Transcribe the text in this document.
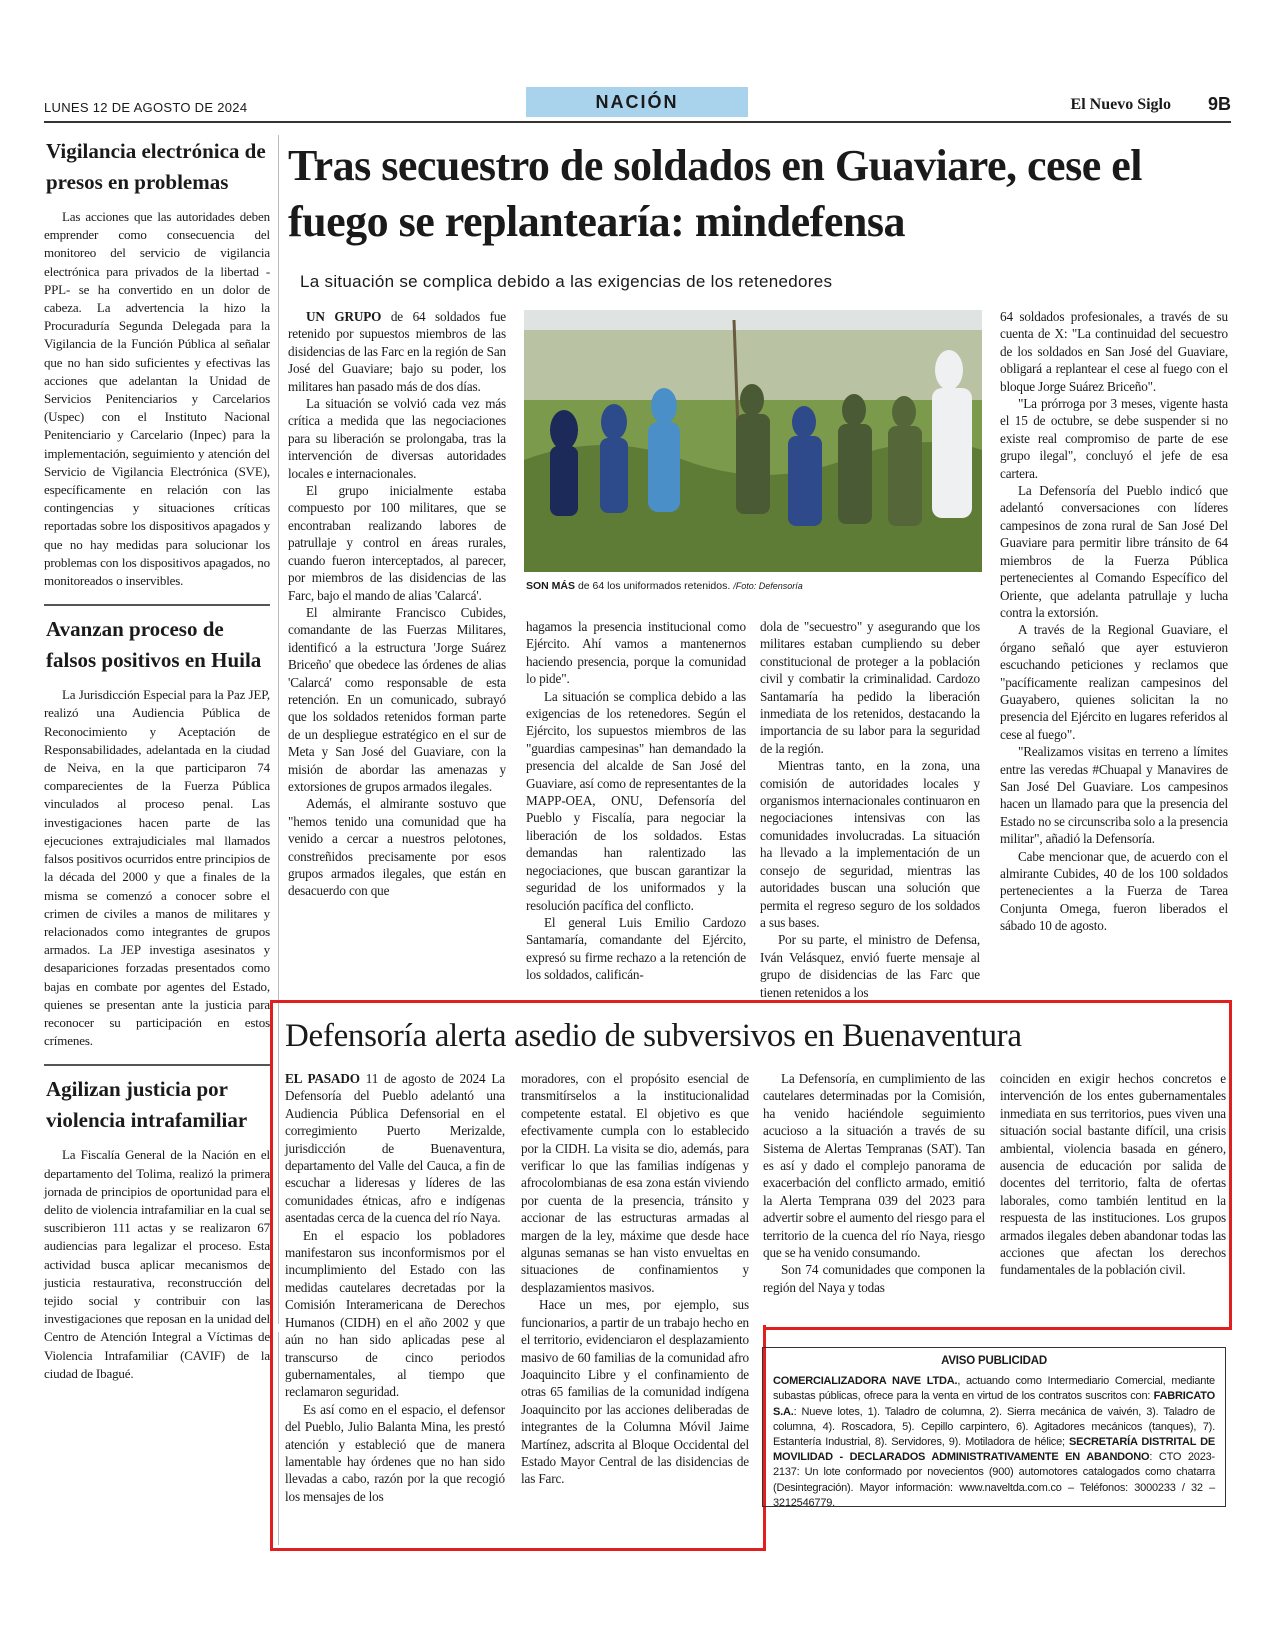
LUNES 12 DE AGOSTO DE 2024	NACIÓN	El Nuevo Siglo 9B
Vigilancia electrónica de presos en problemas

Las acciones que las autoridades deben emprender como consecuencia del monitoreo del servicio de vigilancia electrónica para privados de la libertad -PPL- se ha convertido en un dolor de cabeza. La advertencia la hizo la Procuraduría Segunda Delegada para la Vigilancia de la Función Pública al señalar que no han sido suficientes y efectivas las acciones que adelantan la Unidad de Servicios Penitenciarios y Carcelarios (Uspec) con el Instituto Nacional Penitenciario y Carcelario (Inpec) para la implementación, seguimiento y atención del Servicio de Vigilancia Electrónica (SVE), específicamente en relación con las contingencias y situaciones críticas reportadas sobre los dispositivos apagados y que no hay medidas para solucionar los problemas con los dispositivos apagados, no monitoreados o inservibles.

Avanzan proceso de falsos positivos en Huila

La Jurisdicción Especial para la Paz JEP, realizó una Audiencia Pública de Reconocimiento y Aceptación de Responsabilidades, adelantada en la ciudad de Neiva, en la que participaron 74 comparecientes de la Fuerza Pública vinculados al proceso penal. Las investigaciones hacen parte de las ejecuciones extrajudiciales mal llamados falsos positivos ocurridos entre principios de la década del 2000 y que a finales de la misma se comenzó a conocer sobre el crimen de civiles a manos de militares y relacionados como integrantes de grupos armados. La JEP investiga asesinatos y desapariciones forzadas presentados como bajas en combate por agentes del Estado, quienes se presentan ante la justicia para reconocer su participación en estos crímenes.

Agilizan justicia por violencia intrafamiliar

La Fiscalía General de la Nación en el departamento del Tolima, realizó la primera jornada de principios de oportunidad para el delito de violencia intrafamiliar en la cual se suscribieron 111 actas y se realizaron 67 audiencias para legalizar el proceso. Esta actividad busca aplicar mecanismos de justicia restaurativa, reconstrucción del tejido social y contribuir con las investigaciones que reposan en la unidad del Centro de Atención Integral a Víctimas de Violencia Intrafamiliar (CAVIF) de la ciudad de Ibagué.

Tras secuestro de soldados en Guaviare, cese el fuego se replantearía: mindefensa
La situación se complica debido a las exigencias de los retenedores

UN GRUPO de 64 soldados fue retenido por supuestos miembros de las disidencias de las Farc en la región de San José del Guaviare; bajo su poder, los militares han pasado más de dos días.

La situación se volvió cada vez más crítica a medida que las negociaciones para su liberación se prolongaba, tras la intervención de diversas autoridades locales e internacionales.

El grupo inicialmente estaba compuesto por 100 militares, que se encontraban realizando labores de patrullaje y control en áreas rurales, cuando fueron interceptados, al parecer, por miembros de las disidencias de las Farc, bajo el mando de alias 'Calarcá'.

El almirante Francisco Cubides, comandante de las Fuerzas Militares, identificó a la estructura 'Jorge Suárez Briceño' que obedece las órdenes de alias 'Calarcá' como responsable de esta retención. En un comunicado, subrayó que los soldados retenidos forman parte de un despliegue estratégico en el sur de Meta y San José del Guaviare, con la misión de abordar las amenazas y extorsiones de grupos armados ilegales.

Además, el almirante sostuvo que "hemos tenido una comunidad que ha venido a cercar a nuestros pelotones, constreñidos precisamente por esos grupos armados ilegales, que están en desacuerdo con que

SON MÁS de 64 los uniformados retenidos. /Foto: Defensoría

hagamos la presencia institucional como Ejército. Ahí vamos a mantenernos haciendo presencia, porque la comunidad lo pide".

La situación se complica debido a las exigencias de los retenedores. Según el Ejército, los supuestos miembros de las "guardias campesinas" han demandado la presencia del alcalde de San José del Guaviare, así como de representantes de la MAPP-OEA, ONU, Defensoría del Pueblo y Fiscalía, para negociar la liberación de los soldados. Estas demandas han ralentizado las negociaciones, que buscan garantizar la seguridad de los uniformados y la resolución pacífica del conflicto.

El general Luis Emilio Cardozo Santamaría, comandante del Ejército, expresó su firme rechazo a la retención de los soldados, calificán-

dola de "secuestro" y asegurando que los militares estaban cumpliendo su deber constitucional de proteger a la población civil y combatir la criminalidad. Cardozo Santamaría ha pedido la liberación inmediata de los retenidos, destacando la importancia de su labor para la seguridad de la región.

Mientras tanto, en la zona, una comisión de autoridades locales y organismos internacionales continuaron en negociaciones intensivas con las comunidades involucradas. La situación ha llevado a la implementación de un consejo de seguridad, mientras las autoridades buscan una solución que permita el regreso seguro de los soldados a sus bases.

Por su parte, el ministro de Defensa, Iván Velásquez, envió fuerte mensaje al grupo de disidencias de las Farc que tienen retenidos a los

64 soldados profesionales, a través de su cuenta de X: "La continuidad del secuestro de los soldados en San José del Guaviare, obligará a replantear el cese al fuego con el bloque Jorge Suárez Briceño".

"La prórroga por 3 meses, vigente hasta el 15 de octubre, se debe suspender si no existe real compromiso de parte de ese grupo ilegal", concluyó el jefe de esa cartera.

La Defensoría del Pueblo indicó que adelantó conversaciones con líderes campesinos de zona rural de San José Del Guaviare para permitir libre tránsito de 64 miembros de la Fuerza Pública pertenecientes al Comando Específico del Oriente, que adelanta patrullaje y lucha contra la extorsión.

A través de la Regional Guaviare, el órgano señaló que ayer estuvieron escuchando peticiones y reclamos que "pacíficamente realizan campesinos del Guayabero, quienes solicitan la no presencia del Ejército en lugares referidos al cese al fuego".

"Realizamos visitas en terreno a límites entre las veredas #Chuapal y Manavires de San José Del Guaviare. Los campesinos hacen un llamado para que la presencia del Estado no se circunscriba solo a la presencia militar", añadió la Defensoría.

Cabe mencionar que, de acuerdo con el almirante Cubides, 40 de los 100 soldados pertenecientes a la Fuerza de Tarea Conjunta Omega, fueron liberados el sábado 10 de agosto.

Defensoría alerta asedio de subversivos en Buenaventura

EL PASADO 11 de agosto de 2024 La Defensoría del Pueblo adelantó una Audiencia Pública Defensorial en el corregimiento Puerto Merizalde, jurisdicción de Buenaventura, departamento del Valle del Cauca, a fin de escuchar a lideresas y líderes de las comunidades étnicas, afro e indígenas asentadas cerca de la cuenca del río Naya.

En el espacio los pobladores manifestaron sus inconformismos por el incumplimiento del Estado con las medidas cautelares decretadas por la Comisión Interamericana de Derechos Humanos (CIDH) en el año 2002 y que aún no han sido aplicadas pese al transcurso de cinco periodos gubernamentales, al tiempo que reclamaron seguridad.

Es así como en el espacio, el defensor del Pueblo, Julio Balanta Mina, les prestó atención y estableció que de manera lamentable hay órdenes que no han sido llevadas a cabo, razón por la que recogió los mensajes de los

moradores, con el propósito esencial de transmitírselos a la institucionalidad competente estatal. El objetivo es que efectivamente cumpla con lo establecido por la CIDH. La visita se dio, además, para verificar lo que las familias indígenas y afrocolombianas de esa zona están viviendo por cuenta de la presencia, tránsito y accionar de las estructuras armadas al margen de la ley, máxime que desde hace algunas semanas se han visto envueltas en situaciones de confinamientos y desplazamientos masivos.

Hace un mes, por ejemplo, sus funcionarios, a partir de un trabajo hecho en el territorio, evidenciaron el desplazamiento masivo de 60 familias de la comunidad afro Joaquincito Libre y el confinamiento de otras 65 familias de la comunidad indígena Joaquincito por las acciones deliberadas de integrantes de la Columna Móvil Jaime Martínez, adscrita al Bloque Occidental del Estado Mayor Central de las disidencias de las Farc.

La Defensoría, en cumplimiento de las cautelares determinadas por la Comisión, ha venido haciéndole seguimiento acucioso a la situación a través de su Sistema de Alertas Tempranas (SAT). Tan es así y dado el complejo panorama de exacerbación del conflicto armado, emitió la Alerta Temprana 039 del 2023 para advertir sobre el aumento del riesgo para el territorio de la cuenca del río Naya, riesgo que se ha venido consumando.

Son 74 comunidades que componen la región del Naya y todas

coinciden en exigir hechos concretos e intervención de los entes gubernamentales inmediata en sus territorios, pues viven una situación social bastante difícil, una crisis ambiental, violencia basada en género, ausencia de educación por salida de docentes del territorio, falta de ofertas laborales, como también lentitud en la respuesta de las instituciones. Los grupos armados ilegales deben abandonar todas las acciones que afectan los derechos fundamentales de la población civil.

AVISO PUBLICIDAD
COMERCIALIZADORA NAVE LTDA., actuando como Intermediario Comercial, mediante subastas públicas, ofrece para la venta en virtud de los contratos suscritos con: FABRICATO S.A.: Nueve lotes, 1). Taladro de columna, 2). Sierra mecánica de vaivén, 3). Taladro de columna, 4). Roscadora, 5). Cepillo carpintero, 6). Agitadores mecánicos (tanques), 7). Estantería Industrial, 8). Servidores, 9). Motiladora de hélice; SECRETARÍA DISTRITAL DE MOVILIDAD - DECLARADOS ADMINISTRATIVAMENTE EN ABANDONO: CTO 2023-2137: Un lote conformado por novecientos (900) automotores catalogados como chatarra (Desintegración). Mayor información: www.naveltda.com.co – Teléfonos: 3000233 / 32 – 3212546779.
